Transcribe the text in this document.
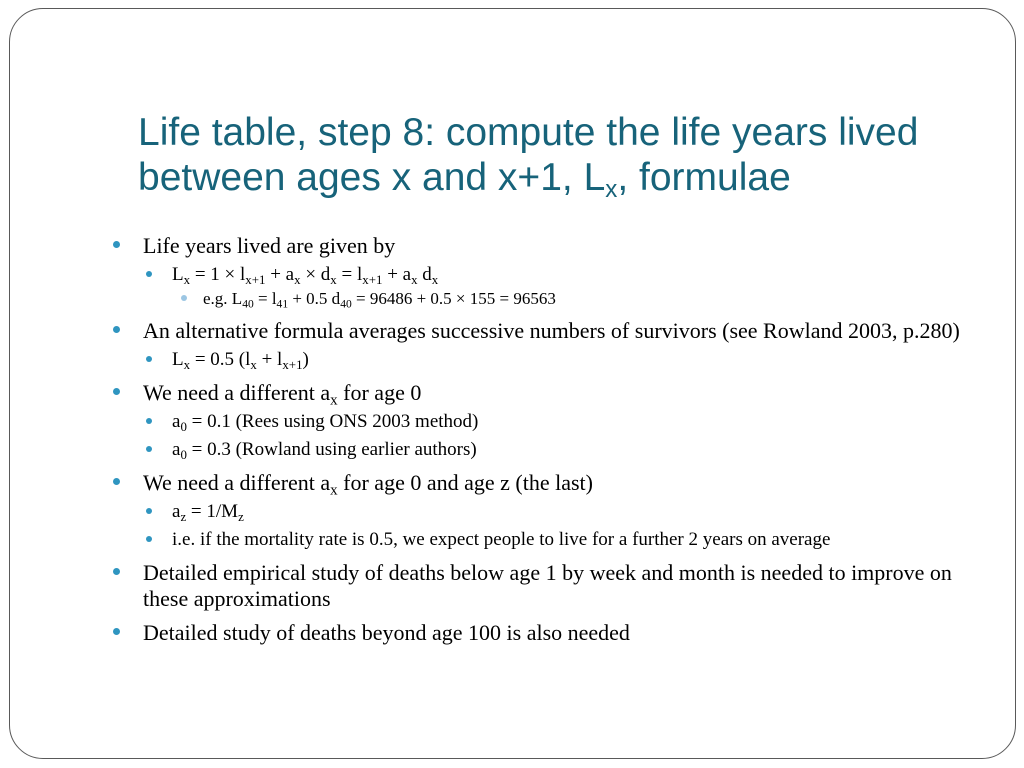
Life table, step 8: compute the life years lived between ages x and x+1, $L_x$, formulae

Life years lived are given by

$L_x = 1 \times l_{x+1} + a_x \times d_x = l_{x+1} + a_x$ $d_x$

e.g. $L_{40} = l_{41} + 0.5$ $d_{40} = 96486 + 0.5 \times 155 = 96563$

An alternative formula averages successive numbers of survivors (see Rowland 2003, p.280)

$L_x = 0.5$ $(l_x + l_{x+1})$

We need a different $a_x$ for age 0

$a_0 = 0.1$ (Rees using ONS 2003 method)

$a_0 = 0.3$ (Rowland using earlier authors)

We need a different $a_x$ for age 0 and age z (the last)

$a_z = 1/M_z$

i.e. if the mortality rate is 0.5, we expect people to live for a further 2 years on average

Detailed empirical study of deaths below age 1 by week and month is needed to improve on these approximations

Detailed study of deaths beyond age 100 is also needed
